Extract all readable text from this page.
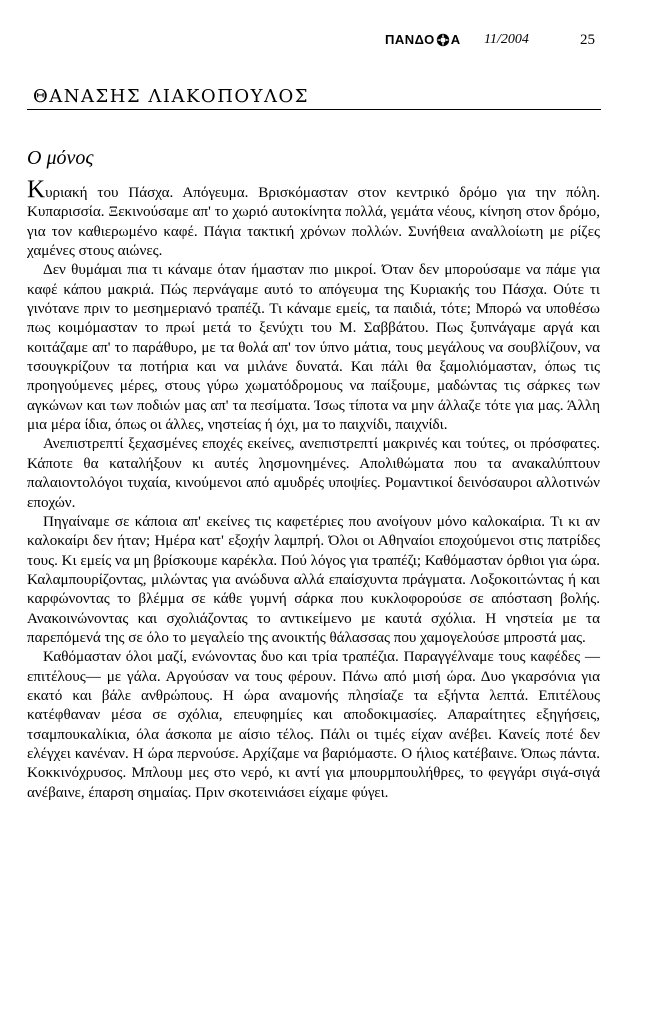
ΠΑΝΔΟ Α 11/2004	25
ΘΑΝΑΣΗΣ ΛΙΑΚΟΠΟΥΛΟΣ
Ο μόνος

Κυριακή του Πάσχα. Απόγευμα. Βρισκόμασταν στον κεντρικό δρόμο για την πόλη. Κυπαρισσία. Ξεκινούσαμε απ' το χωριό αυτοκίνητα πολλά, γεμάτα νέους, κίνηση στον δρόμο, για τον καθιερωμένο καφέ. Πάγια τακτική χρόνων πολλών. Συνήθεια αναλλοίωτη με ρίζες χαμένες στους αιώνες.

Δεν θυμάμαι πια τι κάναμε όταν ήμασταν πιο μικροί. Όταν δεν μπορούσαμε να πάμε για καφέ κάπου μακριά. Πώς περνάγαμε αυτό το απόγευμα της Κυριακής του Πάσχα. Ούτε τι γινότανε πριν το μεσημεριανό τραπέζι. Τι κάναμε εμείς, τα παιδιά, τότε; Μπορώ να υποθέσω πως κοιμόμασταν το πρωί μετά το ξενύχτι του Μ. Σαββάτου. Πως ξυπνάγαμε αργά και κοιτάζαμε απ' το παράθυρο, με τα θολά απ' τον ύπνο μάτια, τους μεγάλους να σουβλίζουν, να τσουγκρίζουν τα ποτήρια και να μιλάνε δυνατά. Και πάλι θα ξαμολιόμασταν, όπως τις προηγούμενες μέρες, στους γύρω χωματόδρομους να παίξουμε, μαδώντας τις σάρκες των αγκώνων και των ποδιών μας απ' τα πεσίματα. Ίσως τίποτα να μην άλλαζε τότε για μας. Άλλη μια μέρα ίδια, όπως οι άλλες, νηστείας ή όχι, μα το παιχνίδι, παιχνίδι.

Ανεπιστρεπτί ξεχασμένες εποχές εκείνες, ανεπιστρεπτί μακρινές και τούτες, οι πρόσφατες. Κάποτε θα καταλήξουν κι αυτές λησμονημένες. Απολιθώματα που τα ανακαλύπτουν παλαιοντολόγοι τυχαία, κινούμενοι από αμυδρές υποψίες. Ρομαντικοί δεινόσαυροι αλλοτινών εποχών.

Πηγαίναμε σε κάποια απ' εκείνες τις καφετέριες που ανοίγουν μόνο καλοκαίρια. Τι κι αν καλοκαίρι δεν ήταν; Ημέρα κατ' εξοχήν λαμπρή. Όλοι οι Αθηναίοι εποχούμενοι στις πατρίδες τους. Κι εμείς να μη βρίσκουμε καρέκλα. Πού λόγος για τραπέζι; Καθόμασταν όρθιοι για ώρα. Καλαμπουρίζοντας, μιλώντας για ανώδυνα αλλά επαίσχυντα πράγματα. Λοξοκοιτώντας ή και καρφώνοντας το βλέμμα σε κάθε γυμνή σάρκα που κυκλοφορούσε σε απόσταση βολής. Ανακοινώνοντας και σχολιάζοντας το αντικείμενο με καυτά σχόλια. Η νηστεία με τα παρεπόμενά της σε όλο το μεγαλείο της ανοικτής θάλασσας που χαμογελούσε μπροστά μας.

Καθόμασταν όλοι μαζί, ενώνοντας δυο και τρία τραπέζια. Παραγγέλναμε τους καφέδες —επιτέλους— με γάλα. Αργούσαν να τους φέρουν. Πάνω από μισή ώρα. Δυο γκαρσόνια για εκατό και βάλε ανθρώπους. Η ώρα αναμονής πλησίαζε τα εξήντα λεπτά. Επιτέλους κατέφθαναν μέσα σε σχόλια, επευφημίες και αποδοκιμασίες. Απαραίτητες εξηγήσεις, τσαμπουκαλίκια, όλα άσκοπα με αίσιο τέλος. Πάλι οι τιμές είχαν ανέβει. Κανείς ποτέ δεν ελέγχει κανέναν. Η ώρα περνούσε. Αρχίζαμε να βαριόμαστε. Ο ήλιος κατέβαινε. Όπως πάντα. Κοκκινόχρυσος. Μπλουμ μες στο νερό, κι αντί για μπουρμπουλήθρες, το φεγγάρι σιγά-σιγά ανέβαινε, έπαρση σημαίας. Πριν σκοτεινιάσει είχαμε φύγει.
